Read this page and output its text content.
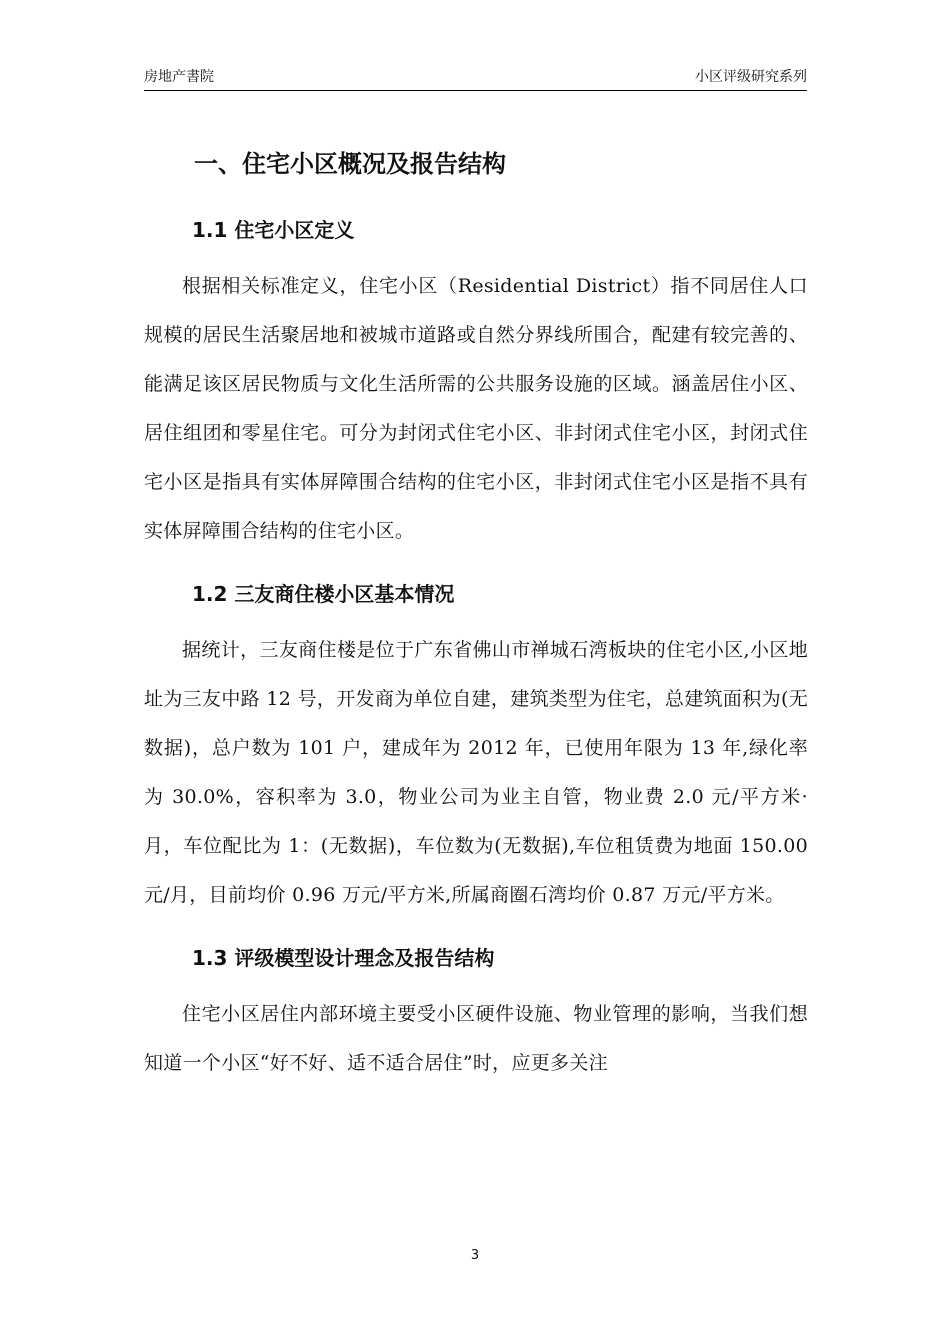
房地产書院	小区评级研究系列
一、住宅小区概况及报告结构
1.1 住宅小区定义

根据相关标准定义，住宅小区（Residential District）指不同居住人口规模的居民生活聚居地和被城市道路或自然分界线所围合，配建有较完善的、能满足该区居民物质与文化生活所需的公共服务设施的区域。涵盖居住小区、居住组团和零星住宅。可分为封闭式住宅小区、非封闭式住宅小区，封闭式住宅小区是指具有实体屏障围合结构的住宅小区，非封闭式住宅小区是指不具有实体屏障围合结构的住宅小区。

1.2 三友商住楼小区基本情况

据统计，三友商住楼是位于广东省佛山市禅城石湾板块的住宅小区,小区地址为三友中路 12 号，开发商为单位自建，建筑类型为住宅，总建筑面积为(无数据)，总户数为 101 户，建成年为 2012 年，已使用年限为 13 年,绿化率为 30.0%，容积率为 3.0，物业公司为业主自管，物业费 2.0 元/平方米·月，车位配比为 1：(无数据)，车位数为(无数据),车位租赁费为地面 150.00 元/月，目前均价 0.96 万元/平方米,所属商圈石湾均价 0.87 万元/平方米。

1.3 评级模型设计理念及报告结构

住宅小区居住内部环境主要受小区硬件设施、物业管理的影响，当我们想知道一个小区“好不好、适不适合居住”时，应更多关注

3
